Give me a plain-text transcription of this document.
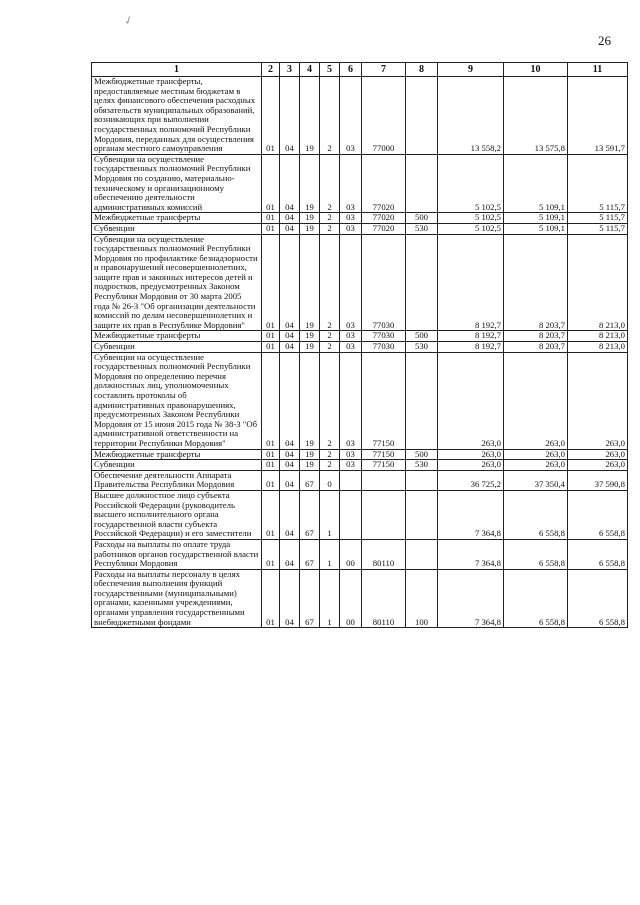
26
✓
1	2	3	4	5	6	7	8	9	10	11
Межбюджетные трансферты, предоставляемые местным бюджетам в целях финансового обеспечения расходных обязательств муниципальных образований, возникающих при выполнении государственных полномочий Республики Мордовия, переданных для осуществления органам местного самоуправления	01	04	19	2	03	77000		13 558,2	13 575,8	13 591,7
Субвенции на осуществление государственных полномочий Республики Мордовия по созданию, материально-техническому и организационному обеспечению деятельности административных комиссий	01	04	19	2	03	77020		5 102,5	5 109,1	5 115,7
Межбюджетные трансферты	01	04	19	2	03	77020	500	5 102,5	5 109,1	5 115,7
Субвенции	01	04	19	2	03	77020	530	5 102,5	5 109,1	5 115,7
Субвенции на осуществление государственных полномочий Республики Мордовия по профилактике безнадзорности и правонарушений несовершеннолетних, защите прав и законных интересов детей и подростков, предусмотренных Законом Республики Мордовия от 30 марта 2005 года № 26-З "Об организации деятельности комиссий по делам несовершеннолетних и защите их прав в Республике Мордовия"	01	04	19	2	03	77030		8 192,7	8 203,7	8 213,0
Межбюджетные трансферты	01	04	19	2	03	77030	500	8 192,7	8 203,7	8 213,0
Субвенции	01	04	19	2	03	77030	530	8 192,7	8 203,7	8 213,0
Субвенции на осуществление государственных полномочий Республики Мордовия по определению перечня должностных лиц, уполномоченных составлять протоколы об административных правонарушениях, предусмотренных Законом Республики Мордовия от 15 июня 2015 года № 38-З "Об административной ответственности на территории Республики Мордовия"	01	04	19	2	03	77150		263,0	263,0	263,0
Межбюджетные трансферты	01	04	19	2	03	77150	500	263,0	263,0	263,0
Субвенции	01	04	19	2	03	77150	530	263,0	263,0	263,0
Обеспечение деятельности Аппарата Правительства Республики Мордовия	01	04	67	0				36 725,2	37 350,4	37 590,8
Высшее должностное лицо субъекта Российской Федерации (руководитель высшего исполнительного органа государственной власти субъекта Российской Федерации) и его заместители	01	04	67	1				7 364,8	6 558,8	6 558,8
Расходы на выплаты по оплате труда работников органов государственной власти Республики Мордовия	01	04	67	1	00	80110		7 364,8	6 558,8	6 558,8
Расходы на выплаты персоналу в целях обеспечения выполнения функций государственными (муниципальными) органами, казенными учреждениями, органами управления государственными внебюджетными фондами	01	04	67	1	00	80110	100	7 364,8	6 558,8	6 558,8
